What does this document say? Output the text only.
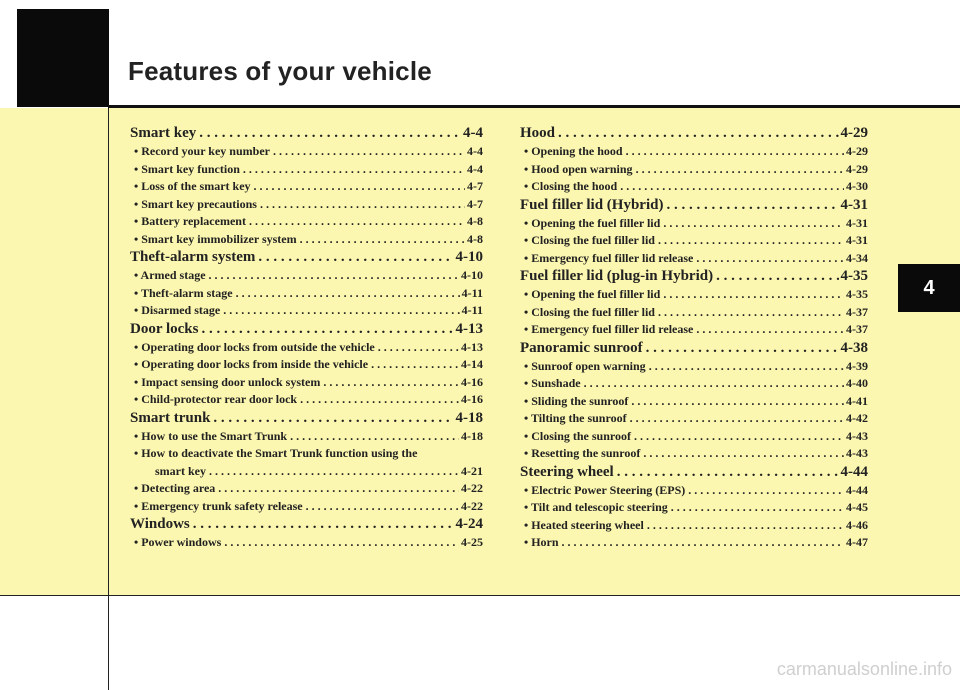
Features of your vehicle
4
Smart key . . .	4-4
• Record your key number . . .	4-4
• Smart key function . . .	4-4
• Loss of the smart key . . .	4-7
• Smart key precautions . . .	4-7
• Battery replacement . . .	4-8
• Smart key immobilizer system . . .	4-8
Theft-alarm system . . .	4-10
• Armed stage . . .	4-10
• Theft-alarm stage . . .	4-11
• Disarmed stage . . .	4-11
Door locks . . .	4-13
• Operating door locks from outside the vehicle . . .	4-13
• Operating door locks from inside the vehicle . . .	4-14
• Impact sensing door unlock system . . .	4-16
• Child-protector rear door lock . . .	4-16
Smart trunk . . .	4-18
• How to use the Smart Trunk . . .	4-18
• How to deactivate the Smart Trunk function using the
smart key . . .	4-21
• Detecting area . . .	4-22
• Emergency trunk safety release . . .	4-22
Windows . . .	4-24
• Power windows . . .	4-25
Hood . . .	4-29
• Opening the hood . . .	4-29
• Hood open warning . . .	4-29
• Closing the hood . . .	4-30
Fuel filler lid (Hybrid) . . .	4-31
• Opening the fuel filler lid . . .	4-31
• Closing the fuel filler lid . . .	4-31
• Emergency fuel filler lid release . . .	4-34
Fuel filler lid (plug-in Hybrid) . . .	4-35
• Opening the fuel filler lid . . .	4-35
• Closing the fuel filler lid . . .	4-37
• Emergency fuel filler lid release . . .	4-37
Panoramic sunroof . . .	4-38
• Sunroof open warning . . .	4-39
• Sunshade . . .	4-40
• Sliding the sunroof . . .	4-41
• Tilting the sunroof . . .	4-42
• Closing the sunroof . . .	4-43
• Resetting the sunroof . . .	4-43
Steering wheel . . .	4-44
• Electric Power Steering (EPS) . . .	4-44
• Tilt and telescopic steering . . .	4-45
• Heated steering wheel . . .	4-46
• Horn . . .	4-47
carmanualsonline.info
